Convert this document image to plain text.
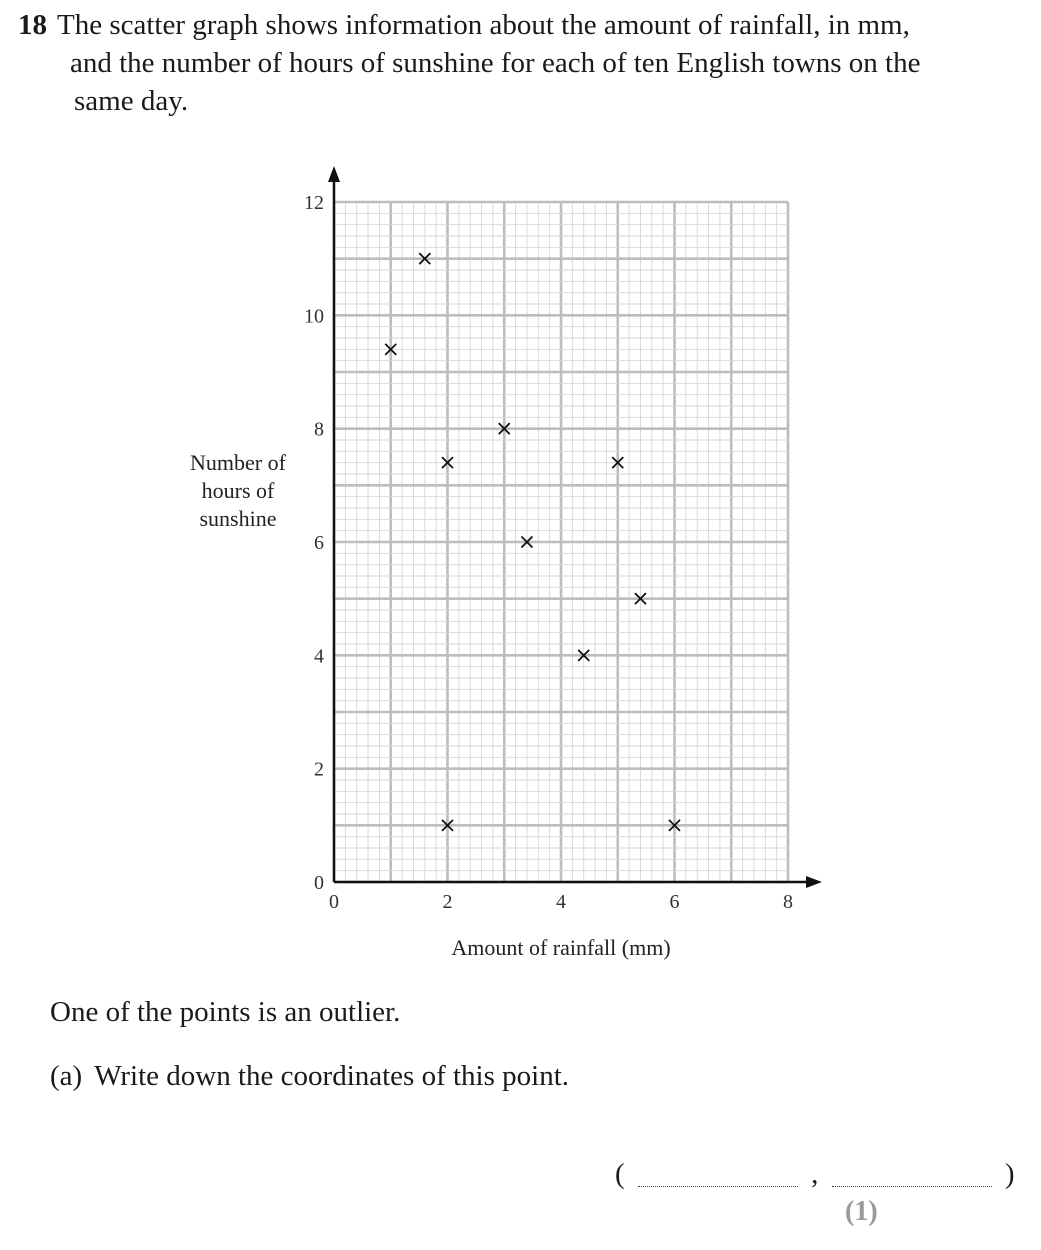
18 The scatter graph shows information about the amount of rainfall, in mm,

and the number of hours of sunshine for each of ten English towns on the

same day.

0	2	4	6	8
0
2
4
6
8
10
12
Amount of rainfall (mm)
Number of
hours of
sunshine

One of the points is an outlier.

(a) Write down the coordinates of this point.

(	,	)
(1)
